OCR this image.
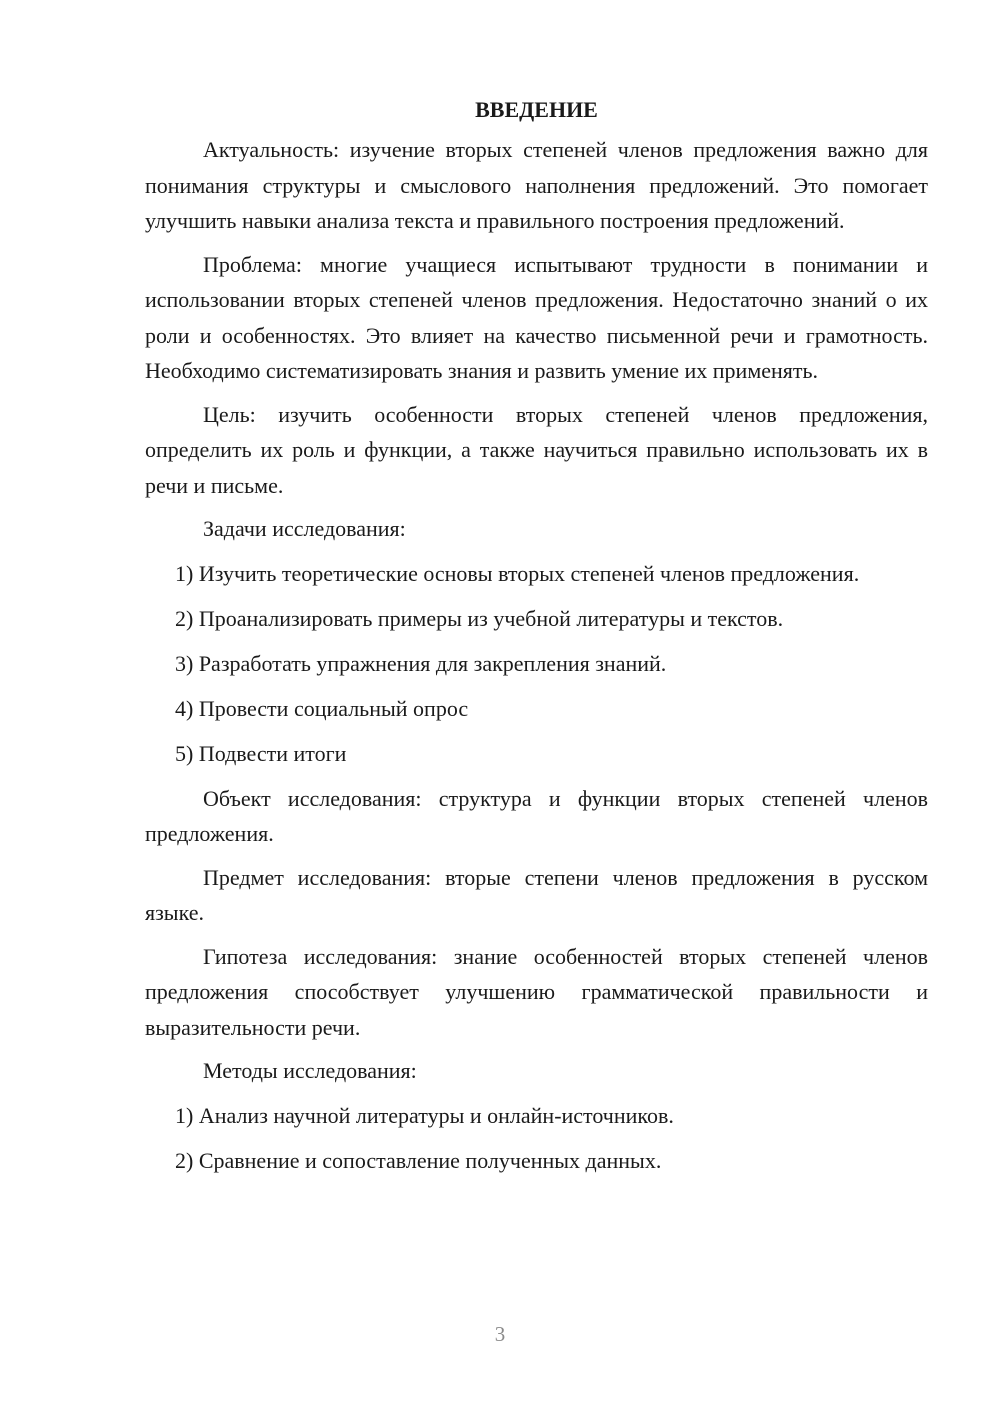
ВВЕДЕНИЕ

Актуальность: изучение вторых степеней членов предложения важно для понимания структуры и смыслового наполнения предложений. Это помогает улучшить навыки анализа текста и правильного построения предложений.

Проблема: многие учащиеся испытывают трудности в понимании и использовании вторых степеней членов предложения. Недостаточно знаний о их роли и особенностях. Это влияет на качество письменной речи и грамотность. Необходимо систематизировать знания и развить умение их применять.

Цель: изучить особенности вторых степеней членов предложения, определить их роль и функции, а также научиться правильно использовать их в речи и письме.

Задачи исследования:

1) Изучить теоретические основы вторых степеней членов предложения.

2) Проанализировать примеры из учебной литературы и текстов.

3) Разработать упражнения для закрепления знаний.

4) Провести социальный опрос

5) Подвести итоги

Объект исследования: структура и функции вторых степеней членов предложения.

Предмет исследования: вторые степени членов предложения в русском языке.

Гипотеза исследования: знание особенностей вторых степеней членов предложения способствует улучшению грамматической правильности и выразительности речи.

Методы исследования:

1) Анализ научной литературы и онлайн-источников.

2) Сравнение и сопоставление полученных данных.

3
